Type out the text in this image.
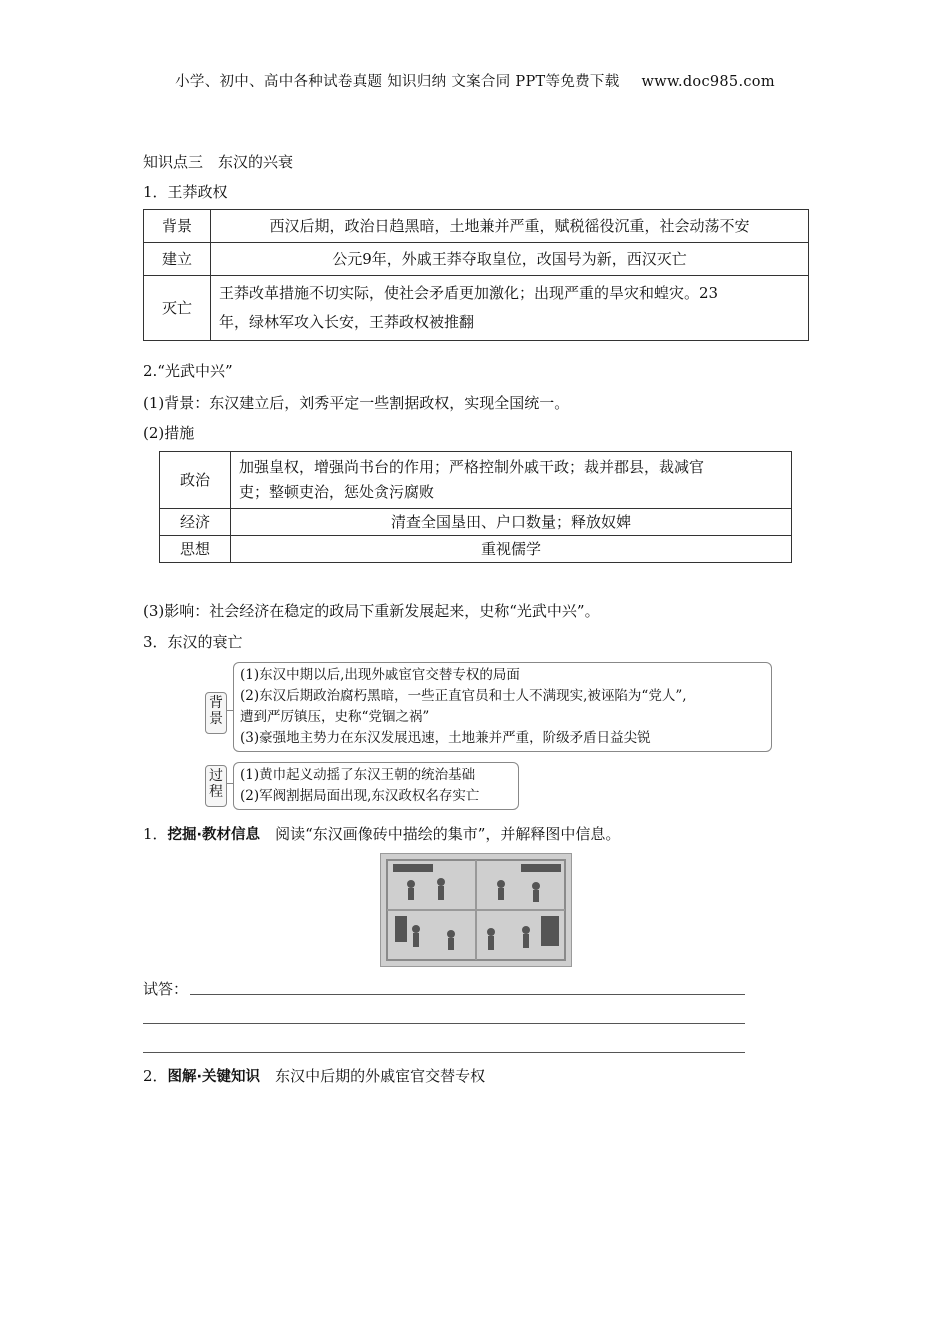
小学、初中、高中各种试卷真题 知识归纳 文案合同 PPT等免费下载 www.doc985.com
知识点三　东汉的兴衰
1．王莽政权
背景	西汉后期，政治日趋黑暗，土地兼并严重，赋税徭役沉重，社会动荡不安
建立	公元9年，外戚王莽夺取皇位，改国号为新，西汉灭亡
灭亡	王莽改革措施不切实际，使社会矛盾更加激化；出现严重的旱灾和蝗灾。23
年，绿林军攻入长安，王莽政权被推翻
2.“光武中兴”
(1)背景：东汉建立后，刘秀平定一些割据政权，实现全国统一。
(2)措施
政治	加强皇权，增强尚书台的作用；严格控制外戚干政；裁并郡县，裁减官
吏；整顿吏治，惩处贪污腐败

经济	清查全国垦田、户口数量；释放奴婢
思想	重视儒学
(3)影响：社会经济在稳定的政局下重新发展起来，史称“光武中兴”。
3．东汉的衰亡
背
景
(1)东汉中期以后,出现外戚宦官交替专权的局面
(2)东汉后期政治腐朽黑暗，一些正直官员和士人不满现实,被诬陷为“党人”,
遭到严厉镇压，史称“党锢之祸”
(3)豪强地主势力在东汉发展迅速，土地兼并严重，阶级矛盾日益尖锐
过
程
(1)黄巾起义动摇了东汉王朝的统治基础
(2)军阀割据局面出现,东汉政权名存实亡
1．挖掘·教材信息　阅读“东汉画像砖中描绘的集市”，并解释图中信息。
试答：
2．图解·关键知识　东汉中后期的外戚宦官交替专权
